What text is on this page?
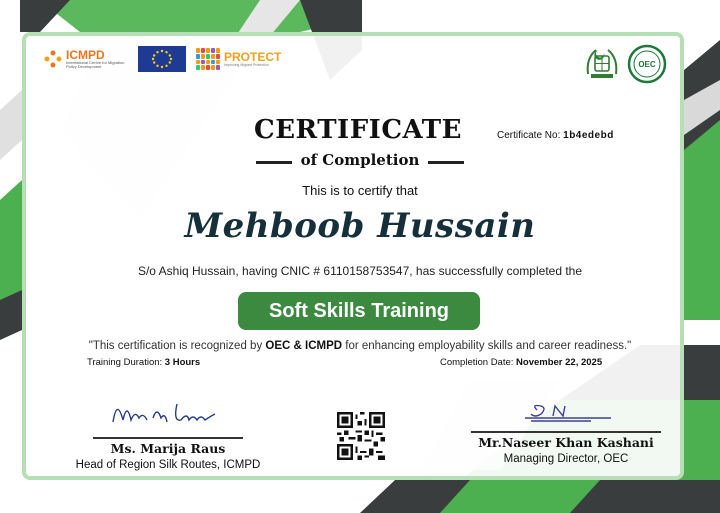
ICMPD
International Centre for Migration Policy Development
PROTECT
Improving Migrant Protection	OEC
CERTIFICATE
of Completion
Certificate No: 1b4edebd
This is to certify that
Mehboob Hussain
S/o Ashiq Hussain, having CNIC # 6110158753547, has successfully completed the
Soft Skills Training
"This certification is recognized by OEC & ICMPD for enhancing employability skills and career readiness."
Training Duration: 3 Hours	Completion Date: November 22, 2025
Ms. Marija Raus
Head of Region Silk Routes, ICMPD
Mr.Naseer Khan Kashani
Managing Director, OEC
